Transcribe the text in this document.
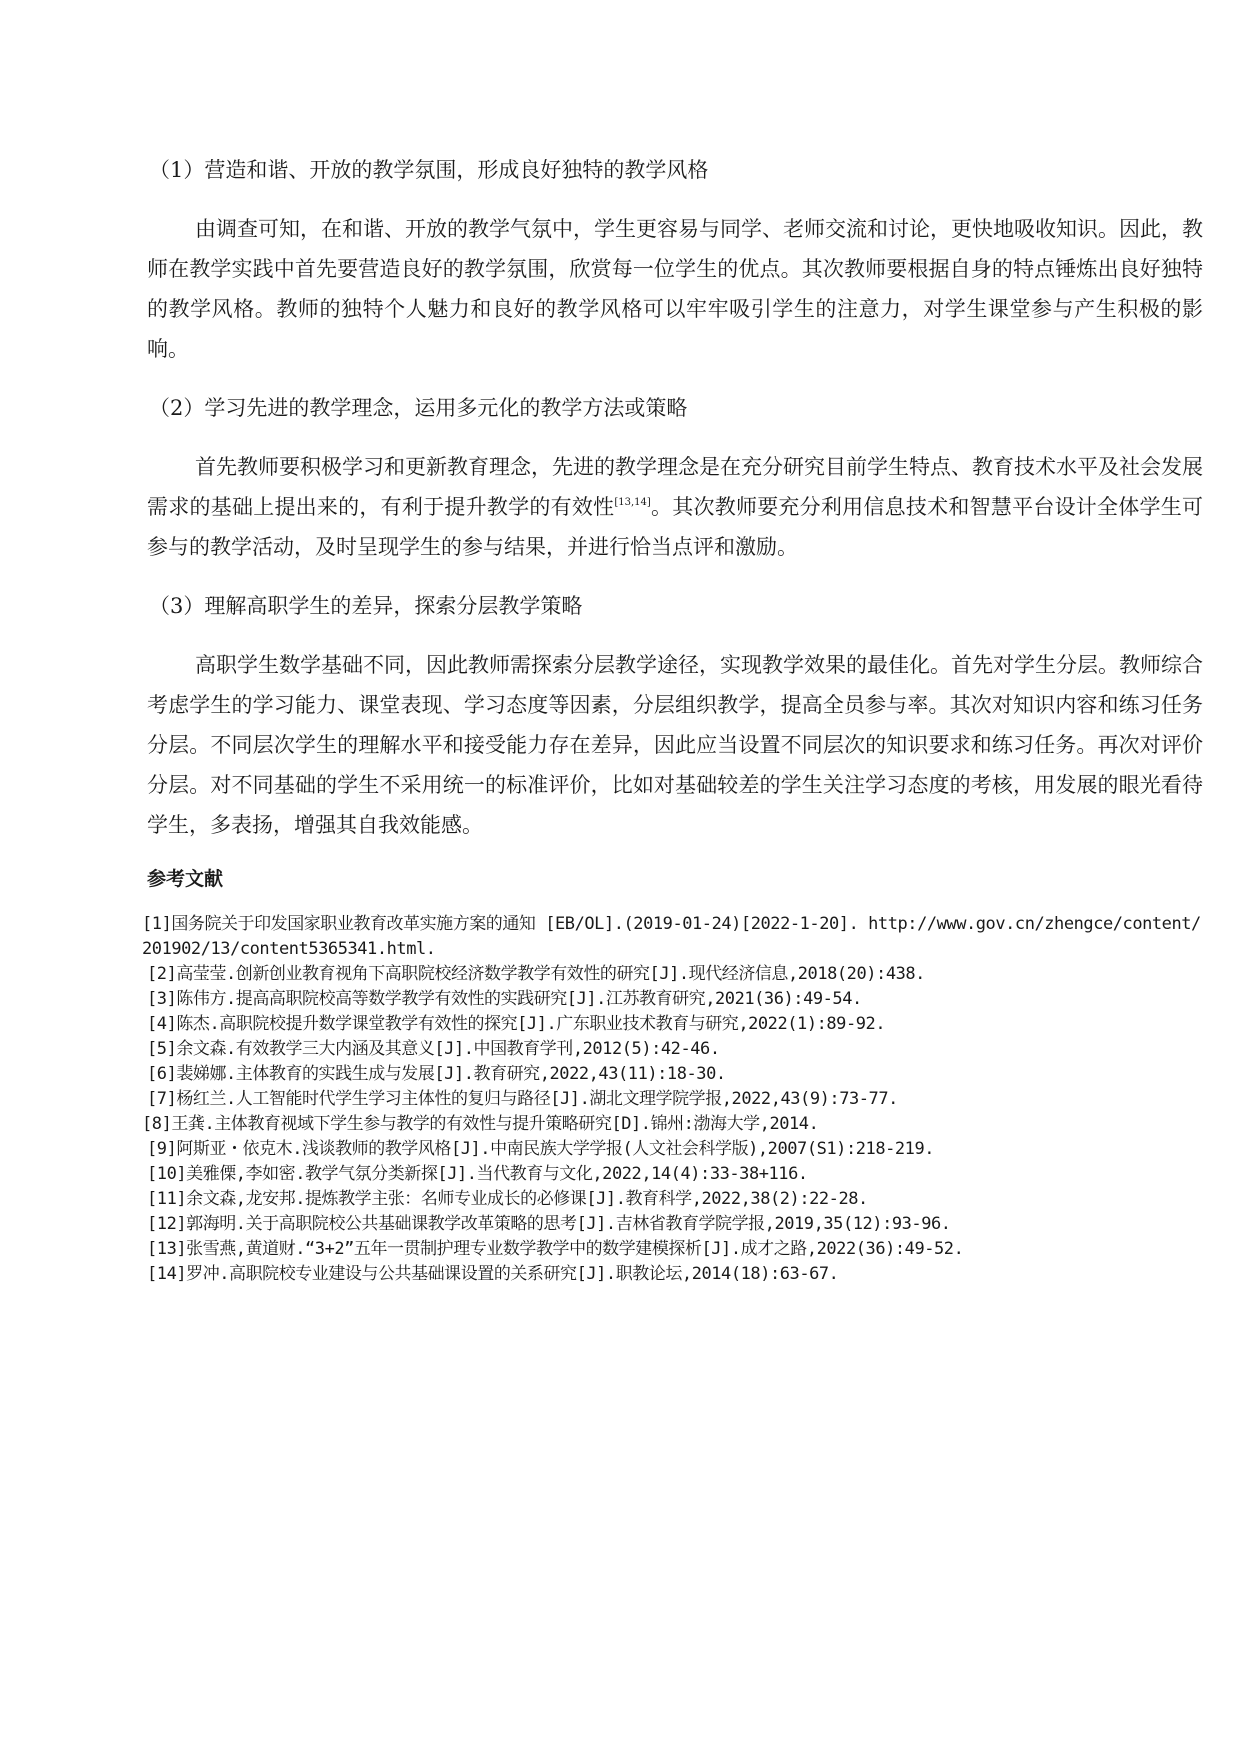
（1）营造和谐、开放的教学氛围，形成良好独特的教学风格

由调查可知，在和谐、开放的教学气氛中，学生更容易与同学、老师交流和讨论，更快地吸收知识。因此，教师在教学实践中首先要营造良好的教学氛围，欣赏每一位学生的优点。其次教师要根据自身的特点锤炼出良好独特的教学风格。教师的独特个人魅力和良好的教学风格可以牢牢吸引学生的注意力，对学生课堂参与产生积极的影响。

（2）学习先进的教学理念，运用多元化的教学方法或策略

首先教师要积极学习和更新教育理念，先进的教学理念是在充分研究目前学生特点、教育技术水平及社会发展需求的基础上提出来的，有利于提升教学的有效性[13,14]。其次教师要充分利用信息技术和智慧平台设计全体学生可参与的教学活动，及时呈现学生的参与结果，并进行恰当点评和激励。

（3）理解高职学生的差异，探索分层教学策略

高职学生数学基础不同，因此教师需探索分层教学途径，实现教学效果的最佳化。首先对学生分层。教师综合考虑学生的学习能力、课堂表现、学习态度等因素，分层组织教学，提高全员参与率。其次对知识内容和练习任务分层。不同层次学生的理解水平和接受能力存在差异，因此应当设置不同层次的知识要求和练习任务。再次对评价分层。对不同基础的学生不采用统一的标准评价，比如对基础较差的学生关注学习态度的考核，用发展的眼光看待学生，多表扬，增强其自我效能感。

参考文献
[1]国务院关于印发国家职业教育改革实施方案的通知 [EB/OL].(2019-01-24)[2022-1-20]. http://www.gov.cn/zhengce/content/201902/13/content5365341.html.
[2]高莹莹.创新创业教育视角下高职院校经济数学教学有效性的研究[J].现代经济信息,2018(20):438.
[3]陈伟方.提高高职院校高等数学教学有效性的实践研究[J].江苏教育研究,2021(36):49-54.
[4]陈杰.高职院校提升数学课堂教学有效性的探究[J].广东职业技术教育与研究,2022(1):89-92.
[5]余文森.有效教学三大内涵及其意义[J].中国教育学刊,2012(5):42-46.
[6]裴娣娜.主体教育的实践生成与发展[J].教育研究,2022,43(11):18-30.
[7]杨红兰.人工智能时代学生学习主体性的复归与路径[J].湖北文理学院学报,2022,43(9):73-77.
[8]王龚.主体教育视域下学生参与教学的有效性与提升策略研究[D].锦州:渤海大学,2014.
[9]阿斯亚・依克木.浅谈教师的教学风格[J].中南民族大学学报(人文社会科学版),2007(S1):218-219.
[10]美雅傈,李如密.教学气氛分类新探[J].当代教育与文化,2022,14(4):33-38+116.
[11]余文森,龙安邦.提炼教学主张：名师专业成长的必修课[J].教育科学,2022,38(2):22-28.
[12]郭海明.关于高职院校公共基础课教学改革策略的思考[J].吉林省教育学院学报,2019,35(12):93-96.
[13]张雪燕,黄道财.“3+2”五年一贯制护理专业数学教学中的数学建模探析[J].成才之路,2022(36):49-52.
[14]罗冲.高职院校专业建设与公共基础课设置的关系研究[J].职教论坛,2014(18):63-67.
